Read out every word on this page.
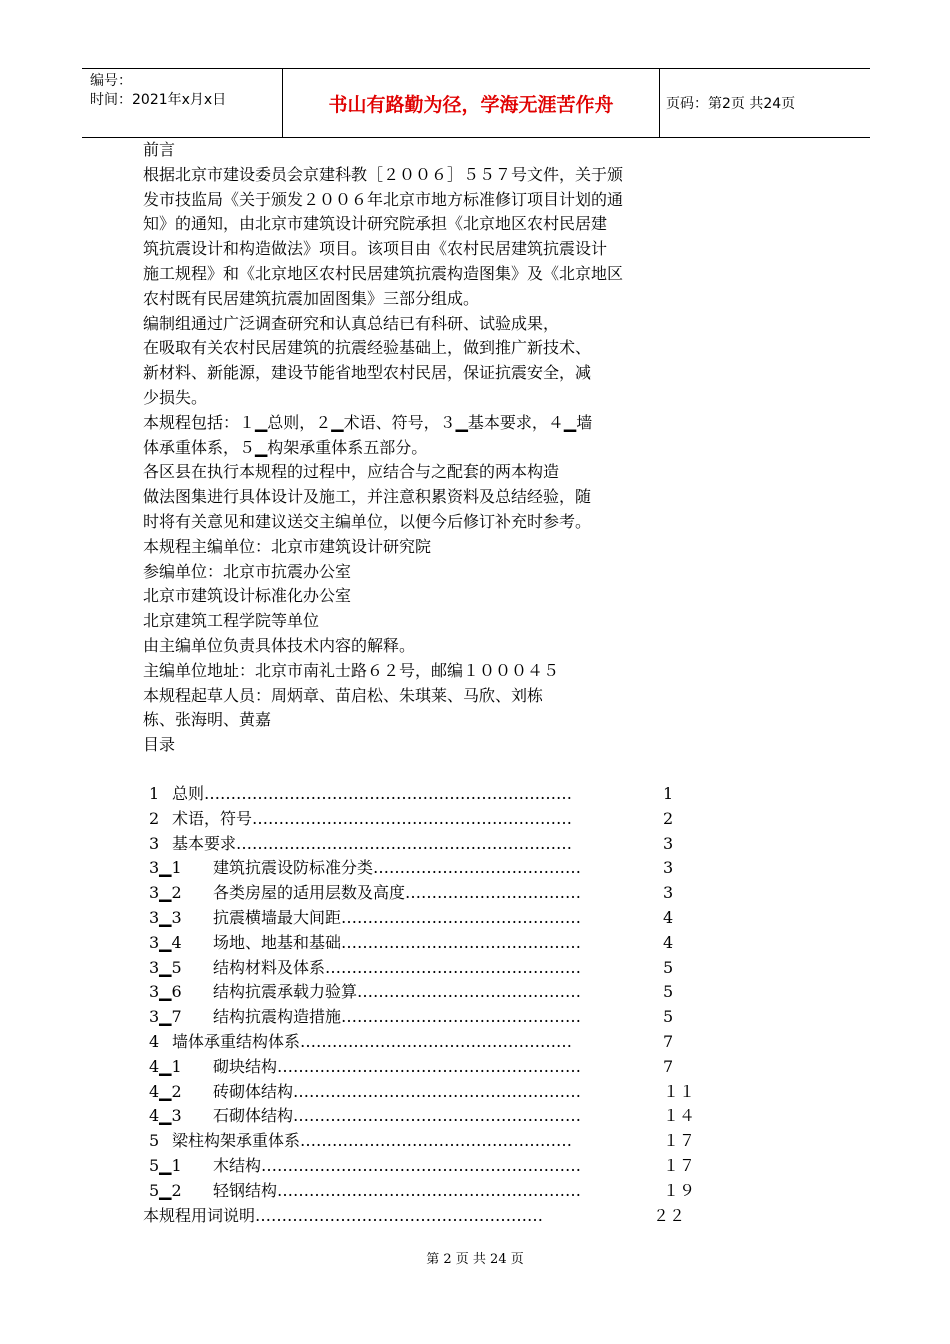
编号：
时间：2021年x月x日	书山有路勤为径，学海无涯苦作舟	页码：第2页 共24页
前言
根据北京市建设委员会京建科教［２００６］５５７号文件，关于颁
发市技监局《关于颁发２００６年北京市地方标准修订项目计划的通
知》的通知，由北京市建筑设计研究院承担《北京地区农村民居建
筑抗震设计和构造做法》项目。该项目由《农村民居建筑抗震设计
施工规程》和《北京地区农村民居建筑抗震构造图集》及《北京地区
农村既有民居建筑抗震加固图集》三部分组成。
编制组通过广泛调查研究和认真总结已有科研、试验成果，
在吸取有关农村民居建筑的抗震经验基础上，做到推广新技术、
新材料、新能源，建设节能省地型农村民居，保证抗震安全，减
少损失。
本规程包括：１▁总则，２▁术语、符号，３▁基本要求，４▁墙
体承重体系，５▁构架承重体系五部分。
各区县在执行本规程的过程中，应结合与之配套的两本构造
做法图集进行具体设计及施工，并注意积累资料及总结经验，随
时将有关意见和建议送交主编单位，以便今后修订补充时参考。
本规程主编单位：北京市建筑设计研究院
参编单位：北京市抗震办公室
北京市建筑设计标准化办公室
北京建筑工程学院等单位
由主编单位负责具体技术内容的解释。
主编单位地址：北京市南礼士路６２号，邮编１０００４５
本规程起草人员：周炳章、苗启松、朱琪莱、马欣、刘栋
栋、张海明、黄嘉
目录
1 总则……………………………………………………………	1
2 术语，符号……………………………………………………	2
3 基本要求………………………………………………………	3
3▁1 建筑抗震设防标准分类…………………………………	3
3▁2 各类房屋的适用层数及高度……………………………	3
3▁3 抗震横墙最大间距………………………………………	4
3▁4 场地、地基和基础………………………………………	4
3▁5 结构材料及体系…………………………………………	5
3▁6 结构抗震承载力验算……………………………………	5
3▁7 结构抗震构造措施………………………………………	5
4 墙体承重结构体系……………………………………………	7
4▁1 砌块结构…………………………………………………	7
4▁2 砖砌体结构………………………………………………	１１
4▁3 石砌体结构………………………………………………	１４
5 梁柱构架承重体系……………………………………………	１７
5▁1 木结构……………………………………………………	１７
5▁2 轻钢结构…………………………………………………	１９
本规程用词说明………………………………………………	２２
第 2 页 共 24 页
